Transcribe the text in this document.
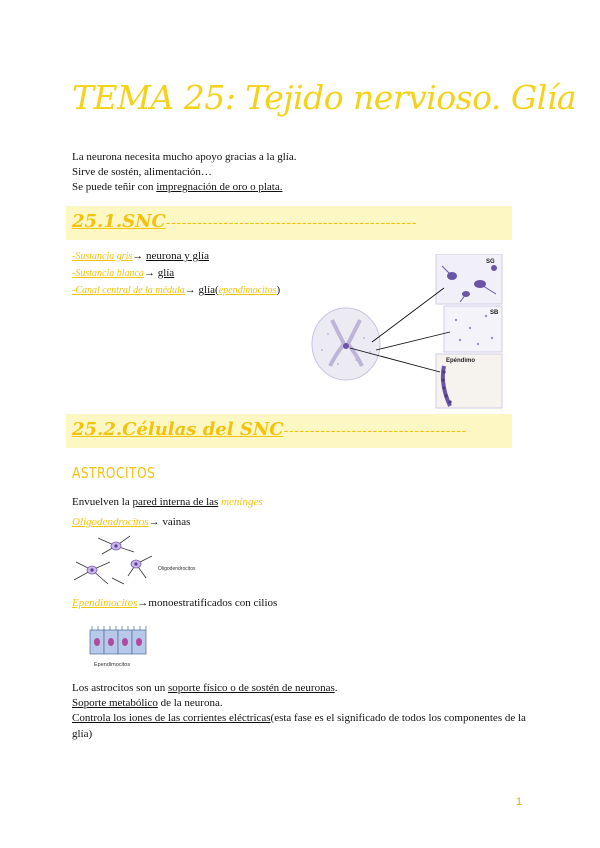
TEMA 25: Tejido nervioso. Glía
La neurona necesita mucho apoyo gracias a la glía.
Sirve de sostén, alimentación…
Se puede teñir con impregnación de oro o plata.
25.1.SNC------------------------------------------------
-Sustancia gris→ neurona y glía
-Sustancia blanca→ glía
-Canal central de la médula→ glía(ependimocitos)
SG
SB
Epéndimo
25.2.Células del SNC-----------------------------------
ASTROCITOS
Envuelven la pared interna de las meninges
Oligodendrocitos→ vainas
Oligodendrocitos
Ependimocitos→monoestratificados con cilios
Ependimocitos
Los astrocitos son un soporte físico o de sostén de neuronas.
Soporte metabólico de la neurona.
Controla los iones de las corrientes eléctricas(esta fase es el significado de todos los componentes de la glía)
1
